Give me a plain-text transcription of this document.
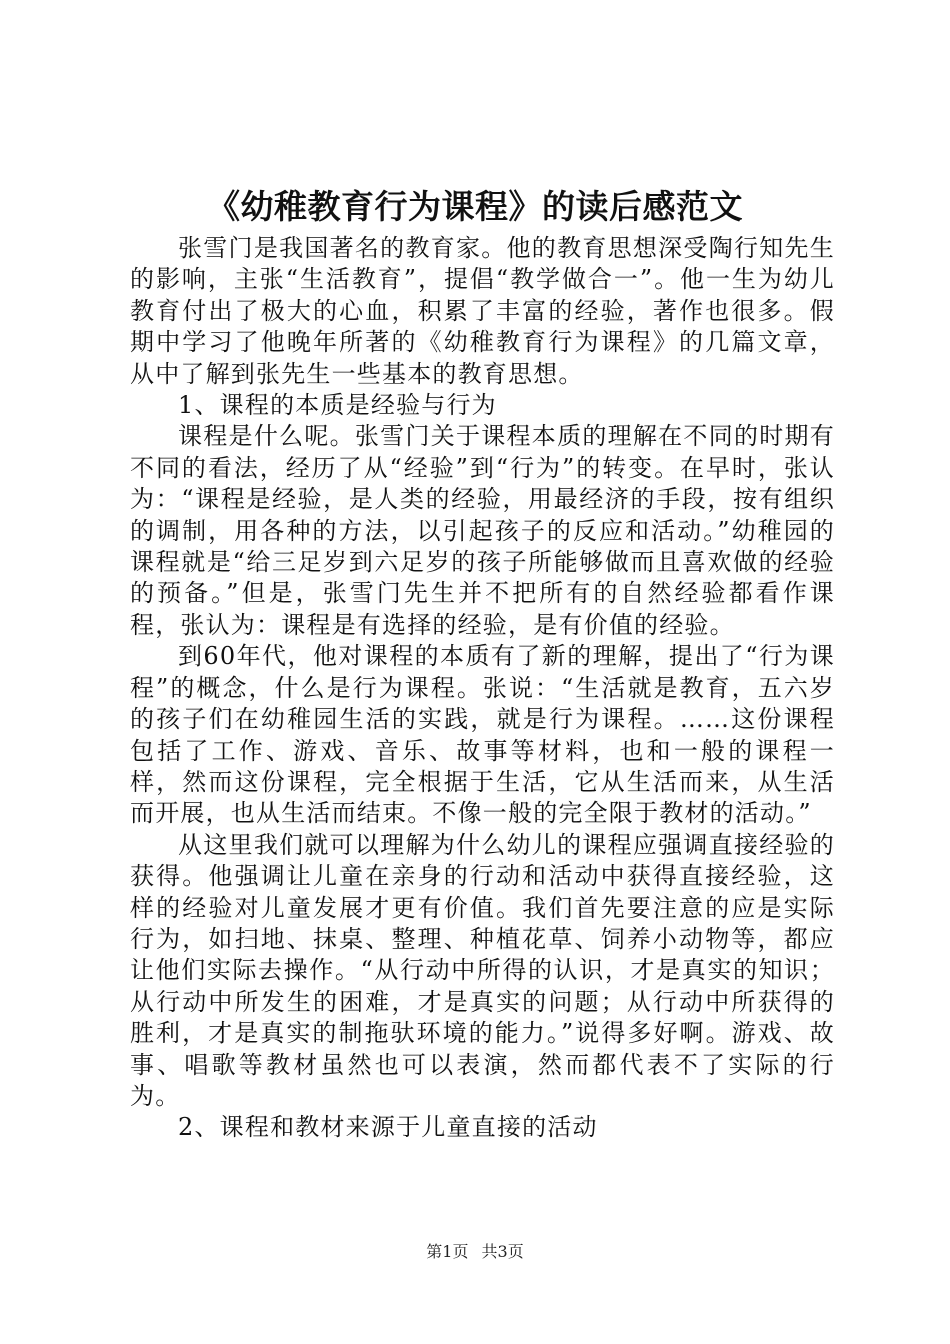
《幼稚教育行为课程》的读后感范文

张雪门是我国著名的教育家。他的教育思想深受陶行知先生的影响，主张“生活教育”，提倡“教学做合一”。他一生为幼儿教育付出了极大的心血，积累了丰富的经验，著作也很多。假期中学习了他晚年所著的《幼稚教育行为课程》的几篇文章，从中了解到张先生一些基本的教育思想。

1、课程的本质是经验与行为

课程是什么呢。张雪门关于课程本质的理解在不同的时期有不同的看法，经历了从“经验”到“行为”的转变。在早时，张认为：“课程是经验，是人类的经验，用最经济的手段，按有组织的调制，用各种的方法，以引起孩子的反应和活动。”幼稚园的课程就是“给三足岁到六足岁的孩子所能够做而且喜欢做的经验的预备。”但是，张雪门先生并不把所有的自然经验都看作课程，张认为：课程是有选择的经验，是有价值的经验。

到60年代，他对课程的本质有了新的理解，提出了“行为课程”的概念，什么是行为课程。张说：“生活就是教育，五六岁的孩子们在幼稚园生活的实践，就是行为课程。……这份课程包括了工作、游戏、音乐、故事等材料，也和一般的课程一样，然而这份课程，完全根据于生活，它从生活而来，从生活而开展，也从生活而结束。不像一般的完全限于教材的活动。”

从这里我们就可以理解为什么幼儿的课程应强调直接经验的获得。他强调让儿童在亲身的行动和活动中获得直接经验，这样的经验对儿童发展才更有价值。我们首先要注意的应是实际行为，如扫地、抹桌、整理、种植花草、饲养小动物等，都应让他们实际去操作。“从行动中所得的认识，才是真实的知识；从行动中所发生的困难，才是真实的问题；从行动中所获得的胜利，才是真实的制拖驮环境的能力。”说得多好啊。游戏、故事、唱歌等教材虽然也可以表演，然而都代表不了实际的行为。

2、课程和教材来源于儿童直接的活动

第1页 共3页
